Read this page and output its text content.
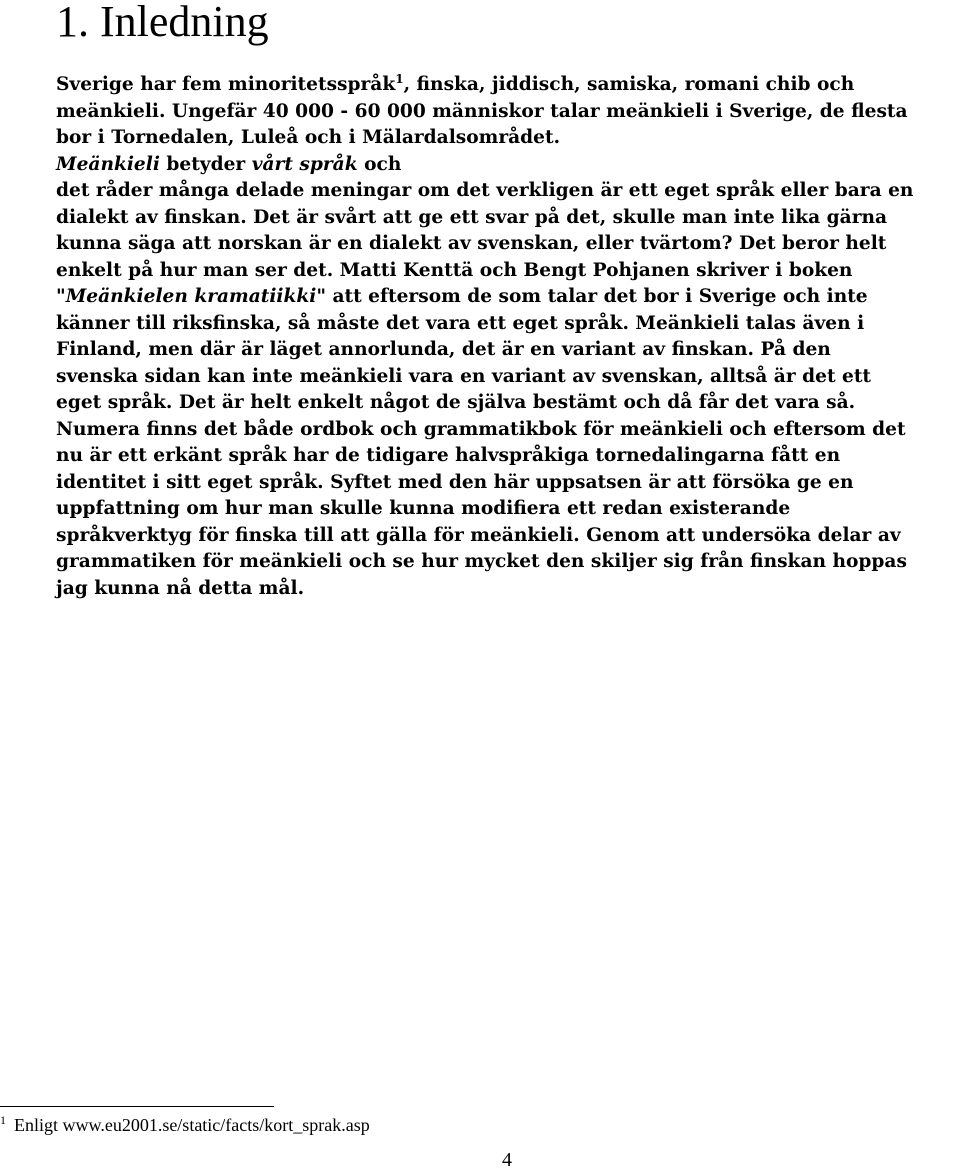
1. Inledning

Sverige har fem minoritetsspråk$^1$, finska, jiddisch, samiska, romani chib och
meänkieli. Ungefär 40 000 - 60 000 människor talar meänkieli i Sverige, de flesta
bor i Tornedalen, Luleå och i Mälardalsområdet.
Meänkieli betyder vårt språk och
det råder många delade meningar om det verkligen är ett eget språk eller bara en
dialekt av finskan. Det är svårt att ge ett svar på det, skulle man inte lika gärna
kunna säga att norskan är en dialekt av svenskan, eller tvärtom? Det beror helt
enkelt på hur man ser det. Matti Kenttä och Bengt Pohjanen skriver i boken
"Meänkielen kramatiikki" att eftersom de som talar det bor i Sverige och inte
känner till riksfinska, så måste det vara ett eget språk. Meänkieli talas även i
Finland, men där är läget annorlunda, det är en variant av finskan. På den
svenska sidan kan inte meänkieli vara en variant av svenskan, alltså är det ett
eget språk. Det är helt enkelt något de själva bestämt och då får det vara så.
Numera finns det både ordbok och grammatikbok för meänkieli och eftersom det
nu är ett erkänt språk har de tidigare halvspråkiga tornedalingarna fått en
identitet i sitt eget språk. Syftet med den här uppsatsen är att försöka ge en
uppfattning om hur man skulle kunna modifiera ett redan existerande
språkverktyg för finska till att gälla för meänkieli. Genom att undersöka delar av
grammatiken för meänkieli och se hur mycket den skiljer sig från finskan hoppas
jag kunna nå detta mål.

$^1$ Enligt www.eu2001.se/static/facts/kort_sprak.asp
4
